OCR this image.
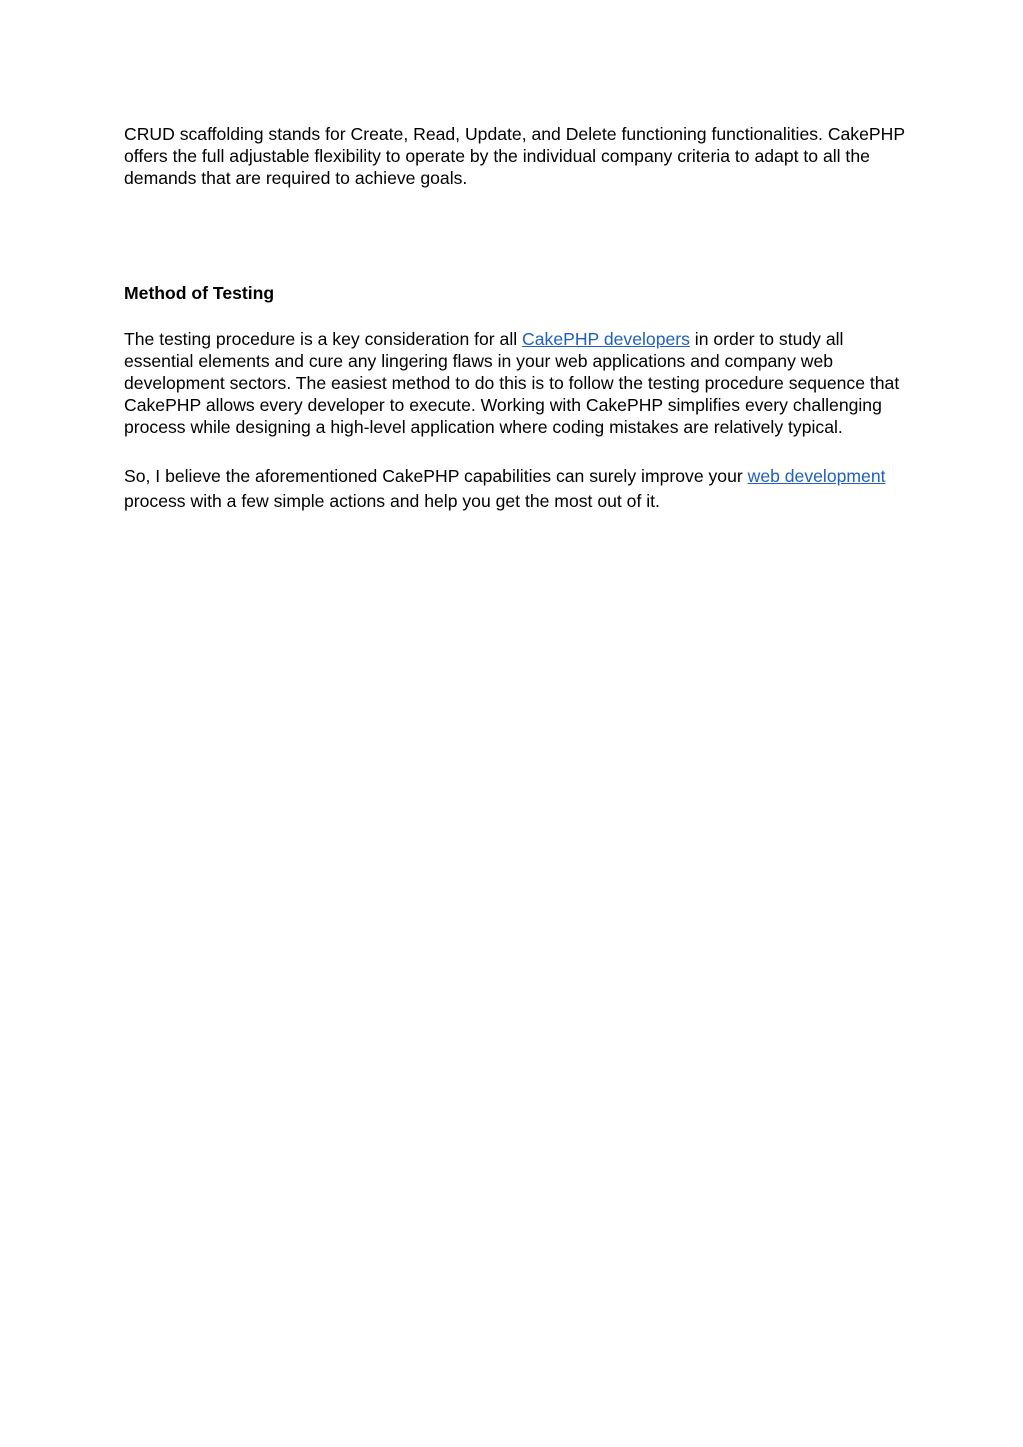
CRUD scaffolding stands for Create, Read, Update, and Delete functioning functionalities. CakePHP offers the full adjustable flexibility to operate by the individual company criteria to adapt to all the demands that are required to achieve goals.

Method of Testing

The testing procedure is a key consideration for all CakePHP developers in order to study all essential elements and cure any lingering flaws in your web applications and company web development sectors. The easiest method to do this is to follow the testing procedure sequence that CakePHP allows every developer to execute. Working with CakePHP simplifies every challenging process while designing a high-level application where coding mistakes are relatively typical.

So, I believe the aforementioned CakePHP capabilities can surely improve your web development process with a few simple actions and help you get the most out of it.
